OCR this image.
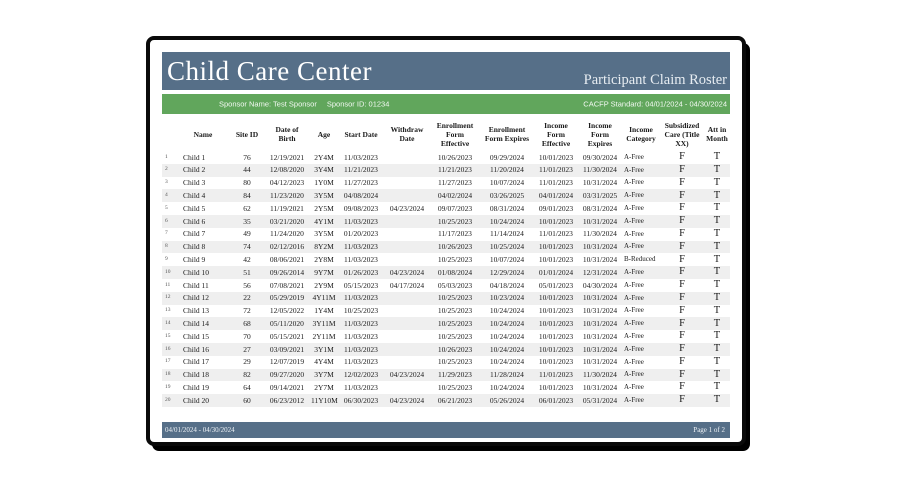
Child Care Center	Participant Claim Roster
Sponsor Name: Test Sponsor Sponsor ID: 01234	CACFP Standard: 04/01/2024 - 04/30/2024
	Name	Site ID	Date of Birth	Age	Start Date	Withdraw Date	Enrollment Form Effective	Enrollment Form Expires	Income Form Effective	Income Form Expires	Income Category	Subsidized Care (Title XX)	Att in Month
1	Child 1	76	12/19/2021	2Y4M	11/03/2023		10/26/2023	09/29/2024	10/01/2023	09/30/2024	A-Free	F	T
2	Child 2	44	12/08/2020	3Y4M	11/21/2023		11/21/2023	11/20/2024	11/01/2023	11/30/2024	A-Free	F	T
3	Child 3	80	04/12/2023	1Y0M	11/27/2023		11/27/2023	10/07/2024	11/01/2023	10/31/2024	A-Free	F	T
4	Child 4	84	11/23/2020	3Y5M	04/08/2024		04/02/2024	03/26/2025	04/01/2024	03/31/2025	A-Free	F	T
5	Child 5	62	11/19/2021	2Y5M	09/08/2023	04/23/2024	09/07/2023	08/31/2024	09/01/2023	08/31/2024	A-Free	F	T
6	Child 6	35	03/21/2020	4Y1M	11/03/2023		10/25/2023	10/24/2024	10/01/2023	10/31/2024	A-Free	F	T
7	Child 7	49	11/24/2020	3Y5M	01/20/2023		11/17/2023	11/14/2024	11/01/2023	11/30/2024	A-Free	F	T
8	Child 8	74	02/12/2016	8Y2M	11/03/2023		10/26/2023	10/25/2024	10/01/2023	10/31/2024	A-Free	F	T
9	Child 9	42	08/06/2021	2Y8M	11/03/2023		10/25/2023	10/07/2024	10/01/2023	10/31/2024	B-Reduced	F	T
10	Child 10	51	09/26/2014	9Y7M	01/26/2023	04/23/2024	01/08/2024	12/29/2024	01/01/2024	12/31/2024	A-Free	F	T
11	Child 11	56	07/08/2021	2Y9M	05/15/2023	04/17/2024	05/03/2023	04/18/2024	05/01/2023	04/30/2024	A-Free	F	T
12	Child 12	22	05/29/2019	4Y11M	11/03/2023		10/25/2023	10/23/2024	10/01/2023	10/31/2024	A-Free	F	T
13	Child 13	72	12/05/2022	1Y4M	10/25/2023		10/25/2023	10/24/2024	10/01/2023	10/31/2024	A-Free	F	T
14	Child 14	68	05/11/2020	3Y11M	11/03/2023		10/25/2023	10/24/2024	10/01/2023	10/31/2024	A-Free	F	T
15	Child 15	70	05/15/2021	2Y11M	11/03/2023		10/25/2023	10/24/2024	10/01/2023	10/31/2024	A-Free	F	T
16	Child 16	27	03/09/2021	3Y1M	11/03/2023		10/26/2023	10/24/2024	10/01/2023	10/31/2024	A-Free	F	T
17	Child 17	29	12/07/2019	4Y4M	11/03/2023		10/25/2023	10/24/2024	10/01/2023	10/31/2024	A-Free	F	T
18	Child 18	82	09/27/2020	3Y7M	12/02/2023	04/23/2024	11/29/2023	11/28/2024	11/01/2023	11/30/2024	A-Free	F	T
19	Child 19	64	09/14/2021	2Y7M	11/03/2023		10/25/2023	10/24/2024	10/01/2023	10/31/2024	A-Free	F	T
20	Child 20	60	06/23/2012	11Y10M	06/30/2023	04/23/2024	06/21/2023	05/26/2024	06/01/2023	05/31/2024	A-Free	F	T
04/01/2024 - 04/30/2024	Page 1 of 2
